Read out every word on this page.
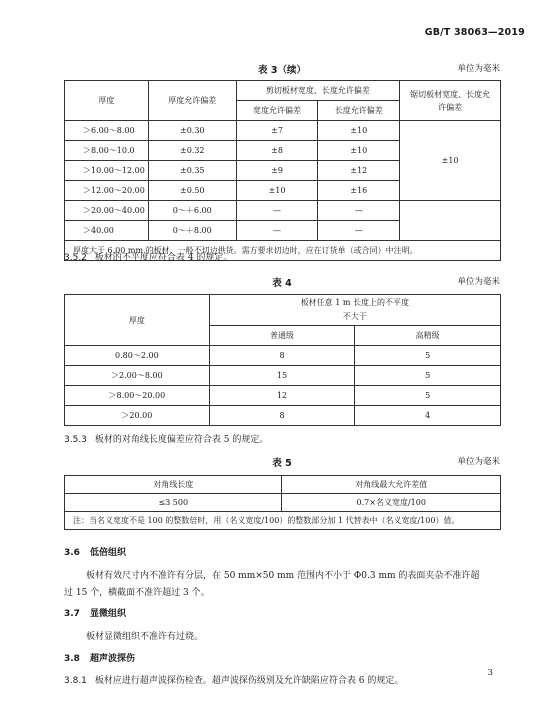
GB/T 38063—2019
表 3（续）	单位为毫米
厚度	厚度允许偏差	剪切板材宽度、长度允许偏差		锯切板材宽度、长度允许偏差
		宽度允许偏差	长度允许偏差	
＞6.00～8.00	±0.30	±7	±10	±10
＞8.00～10.0	±0.32	±8	±10	
＞10.00～12.00	±0.35	±9	±12	
＞12.00～20.00	±0.50	±10	±16	
＞20.00～40.00	0～＋6.00	—	—	
＞40.00	0～＋8.00	—	—	
厚度大于 6.00 mm 的板材，一般不切边供货。需方要求切边时，应在订货单（或合同）中注明。				
3.5.2 板材的不平度应符合表 4 的规定。
表 4	单位为毫米
厚度	板材任意 1 m 长度上的不平度
不大于	

	普通级	高精级
0.80～2.00	8	5
＞2.00～8.00	15	5
＞8.00～20.00	12	5
＞20.00	8	4
3.5.3 板材的对角线长度偏差应符合表 5 的规定。
表 5	单位为毫米
对角线长度	对角线最大允许差值
≤3 500	0.7×名义宽度/100
注：当名义宽度不是 100 的整数倍时，用（名义宽度/100）的整数部分加 1 代替表中（名义宽度/100）值。	
3.6 低倍组织
板材有效尺寸内不准许有分层，在 50 mm×50 mm 范围内不小于 Φ0.3 mm 的表面夹杂不准许超
过 15 个，横截面不准许超过 3 个。
3.7 显微组织
板材显微组织不准许有过烧。
3.8 超声波探伤
3.8.1 板材应进行超声波探伤检查。超声波探伤级别及允许缺陷应符合表 6 的规定。
3
